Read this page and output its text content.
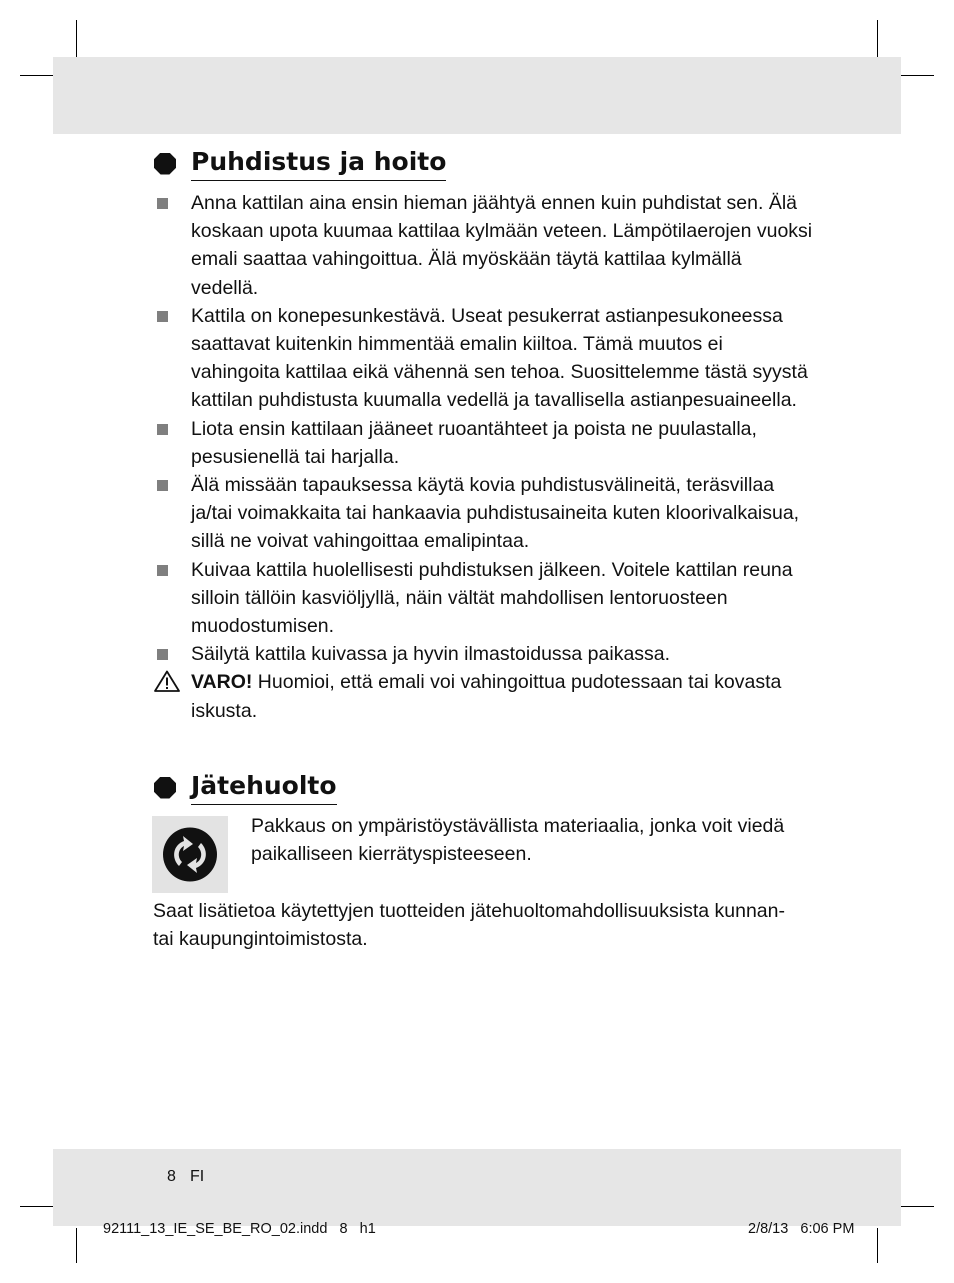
Puhdistus ja hoito
Anna kattilan aina ensin hieman jäähtyä ennen kuin puhdistat sen. Älä koskaan upota kuumaa kattilaa kylmään veteen. Lämpötilaerojen vuoksi emali saattaa vahingoittua. Älä myöskään täytä kattilaa kylmällä vedellä.
Kattila on konepesunkestävä. Useat pesukerrat astianpesukoneessa saattavat kuitenkin himmentää emalin kiiltoa. Tämä muutos ei vahingoita kattilaa eikä vähennä sen tehoa. Suosittelemme tästä syystä kattilan puhdistusta kuumalla vedellä ja tavallisella astianpesuaineella.
Liota ensin kattilaan jääneet ruoantähteet ja poista ne puulastalla, pesusienellä tai harjalla.
Älä missään tapauksessa käytä kovia puhdistusvälineitä, teräsvillaa ja/tai voimakkaita tai hankaavia puhdistusaineita kuten kloorivalkaisua, sillä ne voivat vahingoittaa emalipintaa.
Kuivaa kattila huolellisesti puhdistuksen jälkeen. Voitele kattilan reuna silloin tällöin kasviöljyllä, näin vältät mahdollisen lentoruosteen muodostumisen.
Säilytä kattila kuivassa ja hyvin ilmastoidussa paikassa.
VARO! Huomioi, että emali voi vahingoittua pudotessaan tai kovasta iskusta.
Jätehuolto
Pakkaus on ympäristöystävällista materiaalia, jonka voit viedä paikalliseen kierrätyspisteeseen.
Saat lisätietoa käytettyjen tuotteiden jätehuoltomahdollisuuksista kunnan- tai kaupungintoimistosta.
8 FI
92111_13_IE_SE_BE_RO_02.indd   8   h1	2/8/13   6:06 PM
